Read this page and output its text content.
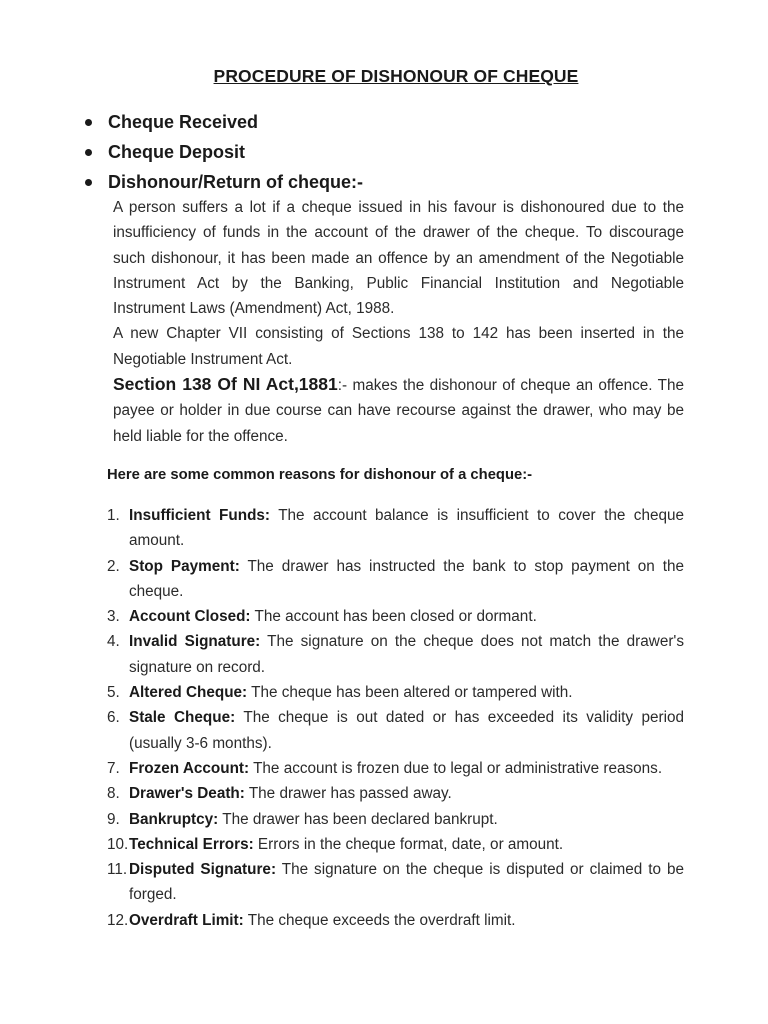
PROCEDURE OF DISHONOUR OF CHEQUE
Cheque Received
Cheque Deposit
Dishonour/Return of cheque:-

A person suffers a lot if a cheque issued in his favour is dishonoured due to the insufficiency of funds in the account of the drawer of the cheque. To discourage such dishonour, it has been made an offence by an amendment of the Negotiable Instrument Act by the Banking, Public Financial Institution and Negotiable Instrument Laws (Amendment) Act, 1988.

A new Chapter VII consisting of Sections 138 to 142 has been inserted in the Negotiable Instrument Act.

Section 138 Of NI Act,1881:- makes the dishonour of cheque an offence. The payee or holder in due course can have recourse against the drawer, who may be held liable for the offence.

Here are some common reasons for dishonour of a cheque:-
1. Insufficient Funds: The account balance is insufficient to cover the cheque amount.
2. Stop Payment: The drawer has instructed the bank to stop payment on the cheque.
3. Account Closed: The account has been closed or dormant.
4. Invalid Signature: The signature on the cheque does not match the drawer's signature on record.
5. Altered Cheque: The cheque has been altered or tampered with.
6. Stale Cheque: The cheque is out dated or has exceeded its validity period (usually 3-6 months).
7. Frozen Account: The account is frozen due to legal or administrative reasons.
8. Drawer's Death: The drawer has passed away.
9. Bankruptcy: The drawer has been declared bankrupt.
10. Technical Errors: Errors in the cheque format, date, or amount.
11. Disputed Signature: The signature on the cheque is disputed or claimed to be forged.
12. Overdraft Limit: The cheque exceeds the overdraft limit.
